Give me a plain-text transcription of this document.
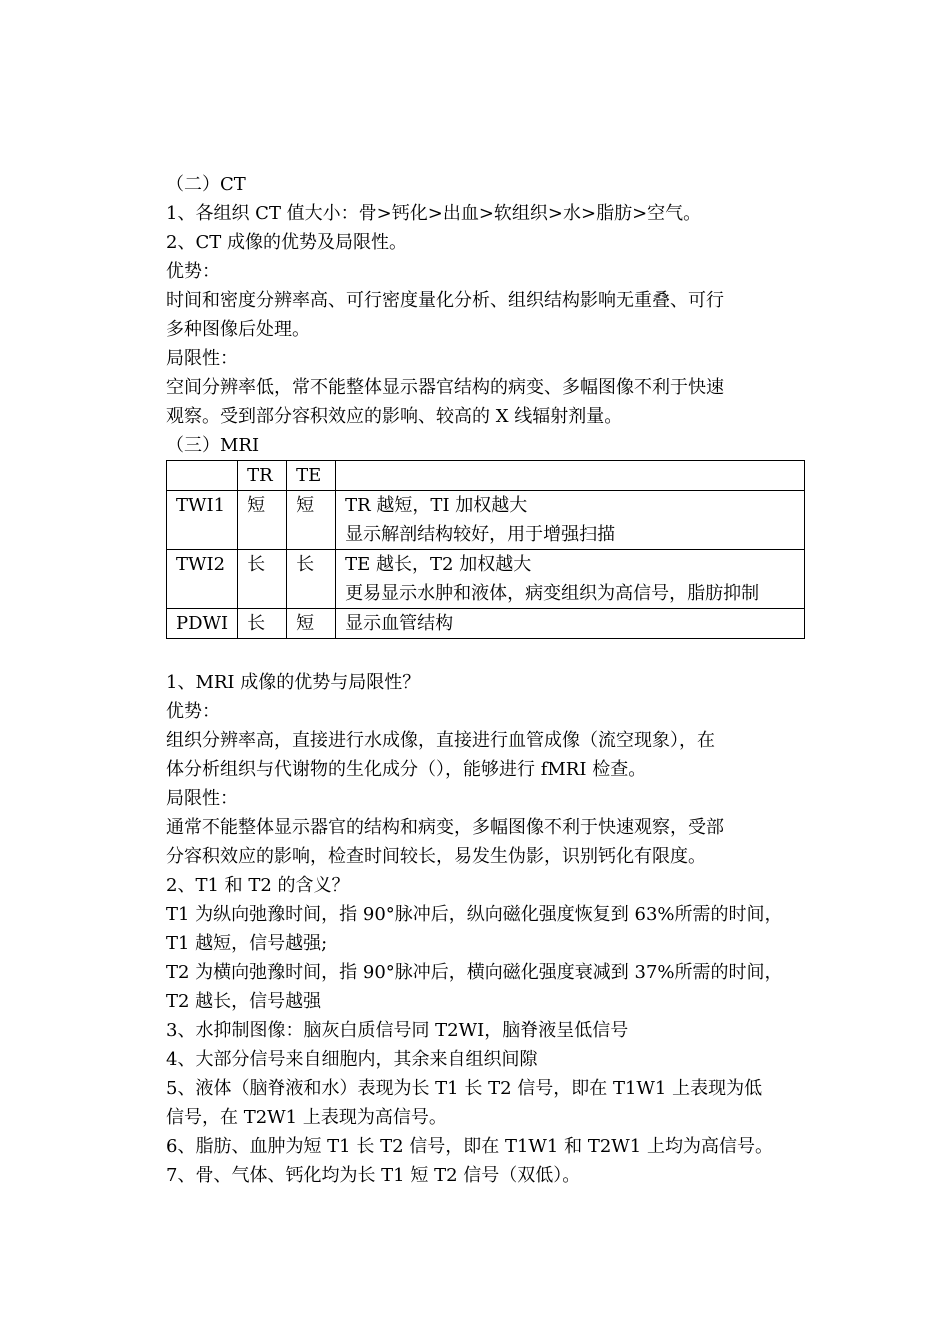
（二）CT
1、各组织 CT 值大小：骨>钙化>出血>软组织>水>脂肪>空气。
2、CT 成像的优势及局限性。
优势：
时间和密度分辨率高、可行密度量化分析、组织结构影响无重叠、可行
多种图像后处理。
局限性：
空间分辨率低，常不能整体显示器官结构的病变、多幅图像不利于快速
观察。受到部分容积效应的影响、较高的 X 线辐射剂量。
（三）MRI
	TR	TE	
TWI1	短	短	TR 越短，TI 加权越大
显示解剖结构较好，用于增强扫描

TWI2	长	长	TE 越长，T2 加权越大
更易显示水肿和液体，病变组织为高信号，脂肪抑制

PDWI	长	短	显示血管结构
1、MRI 成像的优势与局限性？
优势：
组织分辨率高，直接进行水成像，直接进行血管成像（流空现象），在
体分析组织与代谢物的生化成分（），能够进行 fMRI 检查。
局限性：
通常不能整体显示器官的结构和病变，多幅图像不利于快速观察，受部
分容积效应的影响，检查时间较长，易发生伪影，识别钙化有限度。
2、T1 和 T2 的含义？
T1 为纵向弛豫时间，指 90°脉冲后，纵向磁化强度恢复到 63%所需的时间，
T1 越短，信号越强;
T2 为横向弛豫时间，指 90°脉冲后，横向磁化强度衰减到 37%所需的时间，
T2 越长，信号越强
3、水抑制图像：脑灰白质信号同 T2WI，脑脊液呈低信号
4、大部分信号来自细胞内，其余来自组织间隙
5、液体（脑脊液和水）表现为长 T1 长 T2 信号，即在 T1W1 上表现为低
信号，在 T2W1 上表现为高信号。
6、脂肪、血肿为短 T1 长 T2 信号，即在 T1W1 和 T2W1 上均为高信号。
7、骨、气体、钙化均为长 T1 短 T2 信号（双低）。
